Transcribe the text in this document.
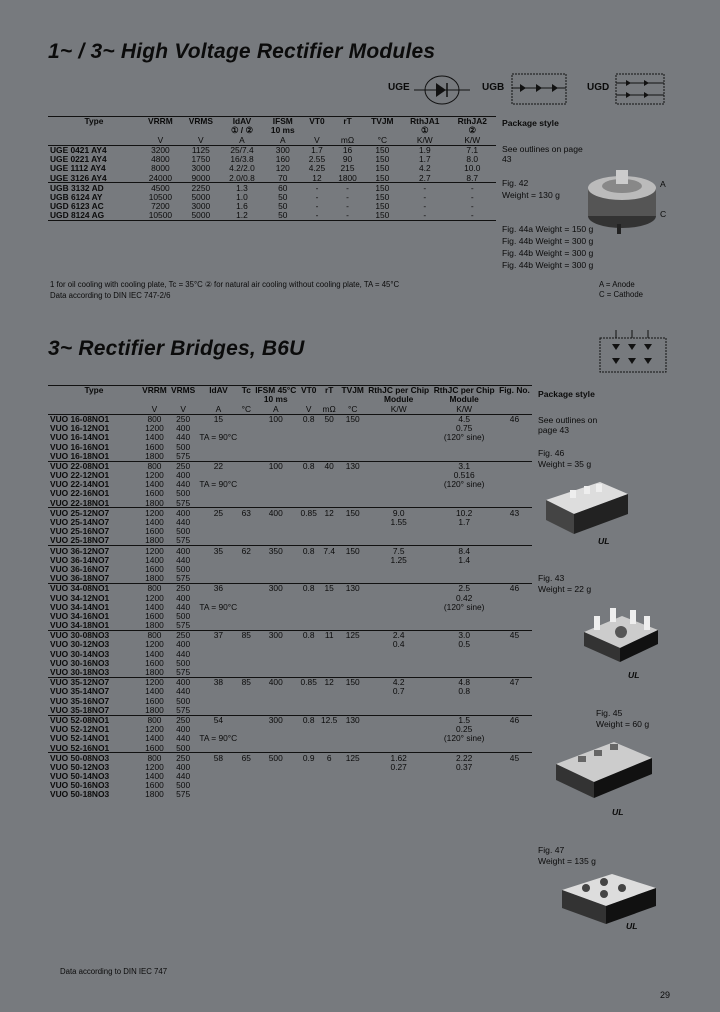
1~ / 3~ High Voltage Rectifier Modules
3~ Rectifier Bridges, B6U
UGE	UGB	UGD
Type	VRRM	VRMS	IdAV	IFSM	VT0	rT	TVJM	RthJA1	RthJA2
			① / ②	10 ms				①	②
	V	V	A	A	V	mΩ	°C	K/W	K/W
UGE 0421 AY4	3200	1125	25/7.4	300	1.7	16	150	1.9	7.1
UGE 0221 AY4	4800	1750	16/3.8	160	2.55	90	150	1.7	8.0
UGE 1112 AY4	8000	3000	4.2/2.0	120	4.25	215	150	4.2	10.0
UGE 3126 AY4	24000	9000	2.0/0.8	70	12	1800	150	2.7	8.7
UGB 3132 AD	4500	2250	1.3	60	-	-	150	-	-
UGB 6124 AY	10500	5000	1.0	50	-	-	150	-	-
UGD 6123 AC	7200	3000	1.6	50	-	-	150	-	-
UGD 8124 AG	10500	5000	1.2	50	-	-	150	-	-
Package style
See outlines on page 43
Fig. 42
Weight = 130 g
Fig. 44a Weight = 150 g
Fig. 44b Weight = 300 g
Fig. 44b Weight = 300 g
Fig. 44b Weight = 300 g
A
C
1 for oil cooling with cooling plate, Tc = 35°C ② for natural air cooling without cooling plate, TA = 45°C
Data according to DIN IEC 747-2/6
A = Anode
C = Cathode
Type	VRRM	VRMS	IdAV	Tc	IFSM 45°C	VT0	rT	TVJM	RthJC per Chip	RthJC per Chip	Fig. No.
					10 ms				Module	Module	
	V	V	A	°C	A	V	mΩ	°C	K/W	K/W	
VUO 16-08NO1	800	250	15		100	0.8	50	150		4.5	46
VUO 16-12NO1	1200	400								0.75	
VUO 16-14NO1	1400	440	TA = 90°C							(120° sine)	
VUO 16-16NO1	1600	500									
VUO 16-18NO1	1800	575									
VUO 22-08NO1	800	250	22		100	0.8	40	130		3.1	
VUO 22-12NO1	1200	400								0.516	
VUO 22-14NO1	1400	440	TA = 90°C							(120° sine)	
VUO 22-16NO1	1600	500									
VUO 22-18NO1	1800	575									
VUO 25-12NO7	1200	400	25	63	400	0.85	12	150	9.0	10.2	43
VUO 25-14NO7	1400	440							1.55	1.7	
VUO 25-16NO7	1600	500									
VUO 25-18NO7	1800	575									
VUO 36-12NO7	1200	400	35	62	350	0.8	7.4	150	7.5	8.4	
VUO 36-14NO7	1400	440							1.25	1.4	
VUO 36-16NO7	1600	500									
VUO 36-18NO7	1800	575									
VUO 34-08NO1	800	250	36		300	0.8	15	130		2.5	46
VUO 34-12NO1	1200	400								0.42	
VUO 34-14NO1	1400	440	TA = 90°C							(120° sine)	
VUO 34-16NO1	1600	500									
VUO 34-18NO1	1800	575									
VUO 30-08NO3	800	250	37	85	300	0.8	11	125	2.4	3.0	45
VUO 30-12NO3	1200	400							0.4	0.5	
VUO 30-14NO3	1400	440									
VUO 30-16NO3	1600	500									
VUO 30-18NO3	1800	575									
VUO 35-12NO7	1200	400	38	85	400	0.85	12	150	4.2	4.8	47
VUO 35-14NO7	1400	440							0.7	0.8	
VUO 35-16NO7	1600	500									
VUO 35-18NO7	1800	575									
VUO 52-08NO1	800	250	54		300	0.8	12.5	130		1.5	46
VUO 52-12NO1	1200	400								0.25	
VUO 52-14NO1	1400	440	TA = 90°C							(120° sine)	
VUO 52-16NO1	1600	500									
VUO 50-08NO3	800	250	58	65	500	0.9	6	125	1.62	2.22	45
VUO 50-12NO3	1200	400							0.27	0.37	
VUO 50-14NO3	1400	440									
VUO 50-16NO3	1600	500									
VUO 50-18NO3	1800	575									
Package style
See outlines on page 43
Fig. 46
Weight = 35 g
UL
Fig. 43
Weight = 22 g
UL
Fig. 45
Weight = 60 g
UL
Fig. 47
Weight = 135 g
UL
Data according to DIN IEC 747
29
